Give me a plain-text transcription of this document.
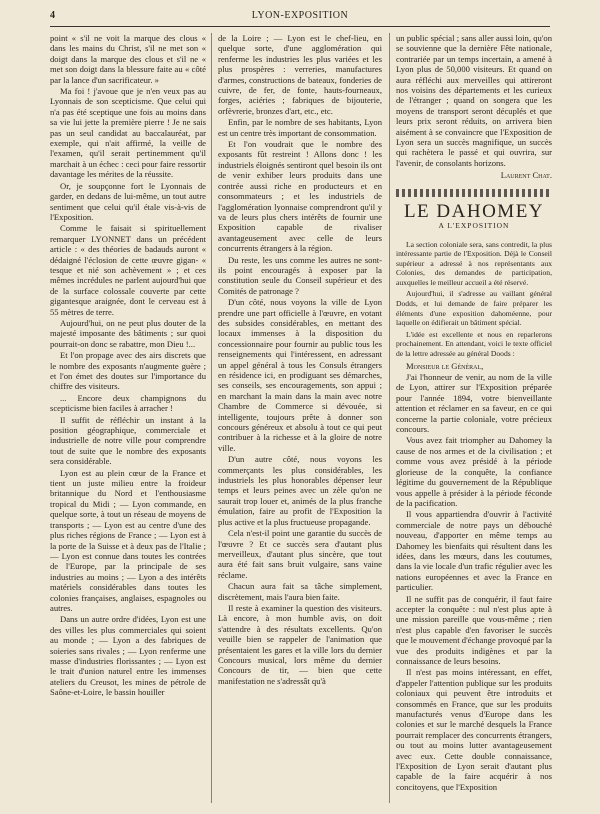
4	LYON-EXPOSITION

point « s'il ne voit la marque des clous « dans les mains du Christ, s'il ne met son « doigt dans la marque des clous et s'il ne « met son doigt dans la blessure faite au « côté par la lance d'un sacrificateur. »

Ma foi ! j'avoue que je n'en veux pas au Lyonnais de son scepticisme. Que celui qui n'a pas été sceptique une fois au moins dans sa vie lui jette la première pierre ! Je ne sais pas un seul candidat au baccalauréat, par exemple, qui n'ait affirmé, la veille de l'examen, qu'il serait pertinemment qu'il marchait à un échec : ceci pour faire ressortir davantage les mérites de la réussite.

Or, je soupçonne fort le Lyonnais de garder, en dedans de lui-même, un tout autre sentiment que celui qu'il étale vis-à-vis de l'Exposition.

Comme le faisait si spirituellement remarquer LYONNET dans un précédent article : « des théories de badauds auront « dédaigné l'éclosion de cette œuvre gigan- « tesque et nié son achèvement » ; et ces mêmes incrédules ne parlent aujourd'hui que de la surface colossale couverte par cette gigantesque araignée, dont le cerveau est à 55 mètres de terre.

Aujourd'hui, on ne peut plus douter de la majesté imposante des bâtiments ; sur quoi pourrait-on donc se rabattre, mon Dieu !...

Et l'on propage avec des airs discrets que le nombre des exposants n'augmente guère ; et l'on émet des doutes sur l'importance du chiffre des visiteurs.

... Encore deux champignons du scepticisme bien faciles à arracher !

Il suffit de réfléchir un instant à la position géographique, commerciale et industrielle de notre ville pour comprendre tout de suite que le nombre des exposants sera considérable.

Lyon est au plein cœur de la France et tient un juste milieu entre la froideur britannique du Nord et l'enthousiasme tropical du Midi ; — Lyon commande, en quelque sorte, à tout un réseau de moyens de transports ; — Lyon est au centre d'une des plus riches régions de France ; — Lyon est à la porte de la Suisse et à deux pas de l'Italie ; — Lyon est connue dans toutes les contrées de l'Europe, par la principale de ses industries au moins ; — Lyon a des intérêts matériels considérables dans toutes les colonies françaises, anglaises, espagnoles ou autres.

Dans un autre ordre d'idées, Lyon est une des villes les plus commerciales qui soient au monde ; — Lyon a des fabriques de soieries sans rivales ; — Lyon renferme une masse d'industries florissantes ; — Lyon est le trait d'union naturel entre les immenses ateliers du Creusot, les mines de pétrole de Saône-et-Loire, le bassin houiller

de la Loire ; — Lyon est le chef-lieu, en quelque sorte, d'une agglomération qui renferme les industries les plus variées et les plus prospères : verreries, manufactures d'armes, constructions de bateaux, fonderies de cuivre, de fer, de fonte, hauts-fourneaux, forges, aciéries ; fabriques de bijouterie, orfèvrerie, bronzes d'art, etc., etc.

Enfin, par le nombre de ses habitants, Lyon est un centre très important de consommation.

Et l'on voudrait que le nombre des exposants fût restreint ! Allons donc ! les industriels éloignés sentiront quel besoin ils ont de venir exhiber leurs produits dans une contrée aussi riche en producteurs et en consommateurs ; et les industriels de l'agglomération lyonnaise comprendront qu'il y va de leurs plus chers intérêts de fournir une Exposition capable de rivaliser avantageusement avec celle de leurs concurrents étrangers à la région.

Du reste, les uns comme les autres ne sont-ils point encouragés à exposer par la constitution seule du Conseil supérieur et des Comités de patronage ?

D'un côté, nous voyons la ville de Lyon prendre une part officielle à l'œuvre, en votant des subsides considérables, en mettant des locaux immenses à la disposition du concessionnaire pour fournir au public tous les renseignements qui l'intéressent, en adressant un appel général à tous les Consuls étrangers en résidence ici, en prodiguant ses démarches, ses conseils, ses encouragements, son appui ; en marchant la main dans la main avec notre Chambre de Commerce si dévouée, si intelligente, toujours prête à donner son concours généreux et absolu à tout ce qui peut contribuer à la richesse et à la gloire de notre ville.

D'un autre côté, nous voyons les commerçants les plus considérables, les industriels les plus honorables dépenser leur temps et leurs peines avec un zèle qu'on ne saurait trop louer et, animés de la plus franche émulation, faire au profit de l'Exposition la plus active et la plus fructueuse propagande.

Cela n'est-il point une garantie du succès de l'œuvre ? Et ce succès sera d'autant plus merveilleux, d'autant plus sincère, que tout aura été fait sans bruit vulgaire, sans vaine réclame.

Chacun aura fait sa tâche simplement, discrètement, mais l'aura bien faite.

Il reste à examiner la question des visiteurs. Là encore, à mon humble avis, on doit s'attendre à des résultats excellents. Qu'on veuille bien se rappeler de l'animation que présentaient les gares et la ville lors du dernier Concours musical, lors même du dernier Concours de tir, — bien que cette manifestation ne s'adressât qu'à

un public spécial ; sans aller aussi loin, qu'on se souvienne que la dernière Fête nationale, contrariée par un temps incertain, a amené à Lyon plus de 50,000 visiteurs. Et quand on aura réfléchi aux merveilles qui attireront nos voisins des départements et les curieux de l'étranger ; quand on songera que les moyens de transport seront décuplés et que leurs prix seront réduits, on arrivera bien aisément à se convaincre que l'Exposition de Lyon sera un succès magnifique, un succès qui rachètera le passé et qui ouvrira, sur l'avenir, de consolants horizons.

Laurent Chat.
LE DAHOMEY
A L'EXPOSITION

La section coloniale sera, sans contredit, la plus intéressante partie de l'Exposition. Déjà le Conseil supérieur a adressé à nos représentants aux Colonies, des demandes de participation, auxquelles le meilleur accueil a été réservé.

Aujourd'hui, il s'adresse au vaillant général Dodds, et lui demande de faire préparer les éléments d'une exposition dahoméenne, pour laquelle on édifierait un bâtiment spécial.

L'idée est excellente et nous en reparlerons prochainement. En attendant, voici le texte officiel de la lettre adressée au général Doods :

Monsieur le Général,

J'ai l'honneur de venir, au nom de la ville de Lyon, attirer sur l'Exposition préparée pour l'année 1894, votre bienveillante attention et réclamer en sa faveur, en ce qui concerne la partie coloniale, votre précieux concours.

Vous avez fait triompher au Dahomey la cause de nos armes et de la civilisation ; et comme vous avez présidé à la période glorieuse de la conquête, la confiance légitime du gouvernement de la République vous appelle à présider à la période féconde de la pacification.

Il vous appartiendra d'ouvrir à l'activité commerciale de notre pays un débouché nouveau, d'apporter en même temps au Dahomey les bienfaits qui résultent dans les idées, dans les mœurs, dans les coutumes, dans la vie locale d'un trafic régulier avec les nations européennes et avec la France en particulier.

Il ne suffit pas de conquérir, il faut faire accepter la conquête : nul n'est plus apte à une mission pareille que vous-même ; rien n'est plus capable d'en favoriser le succès que le mouvement d'échange provoqué par la vue des produits indigènes et par la connaissance de leurs besoins.

Il n'est pas moins intéressant, en effet, d'appeler l'attention publique sur les produits coloniaux qui peuvent être introduits et consommés en France, que sur les produits manufacturés venus d'Europe dans les colonies et sur le marché desquels la France pourrait remplacer des concurrents étrangers, ou tout au moins lutter avantageusement avec eux. Cette double connaissance, l'Exposition de Lyon serait d'autant plus capable de la faire acquérir à nos concitoyens, que l'Exposition
